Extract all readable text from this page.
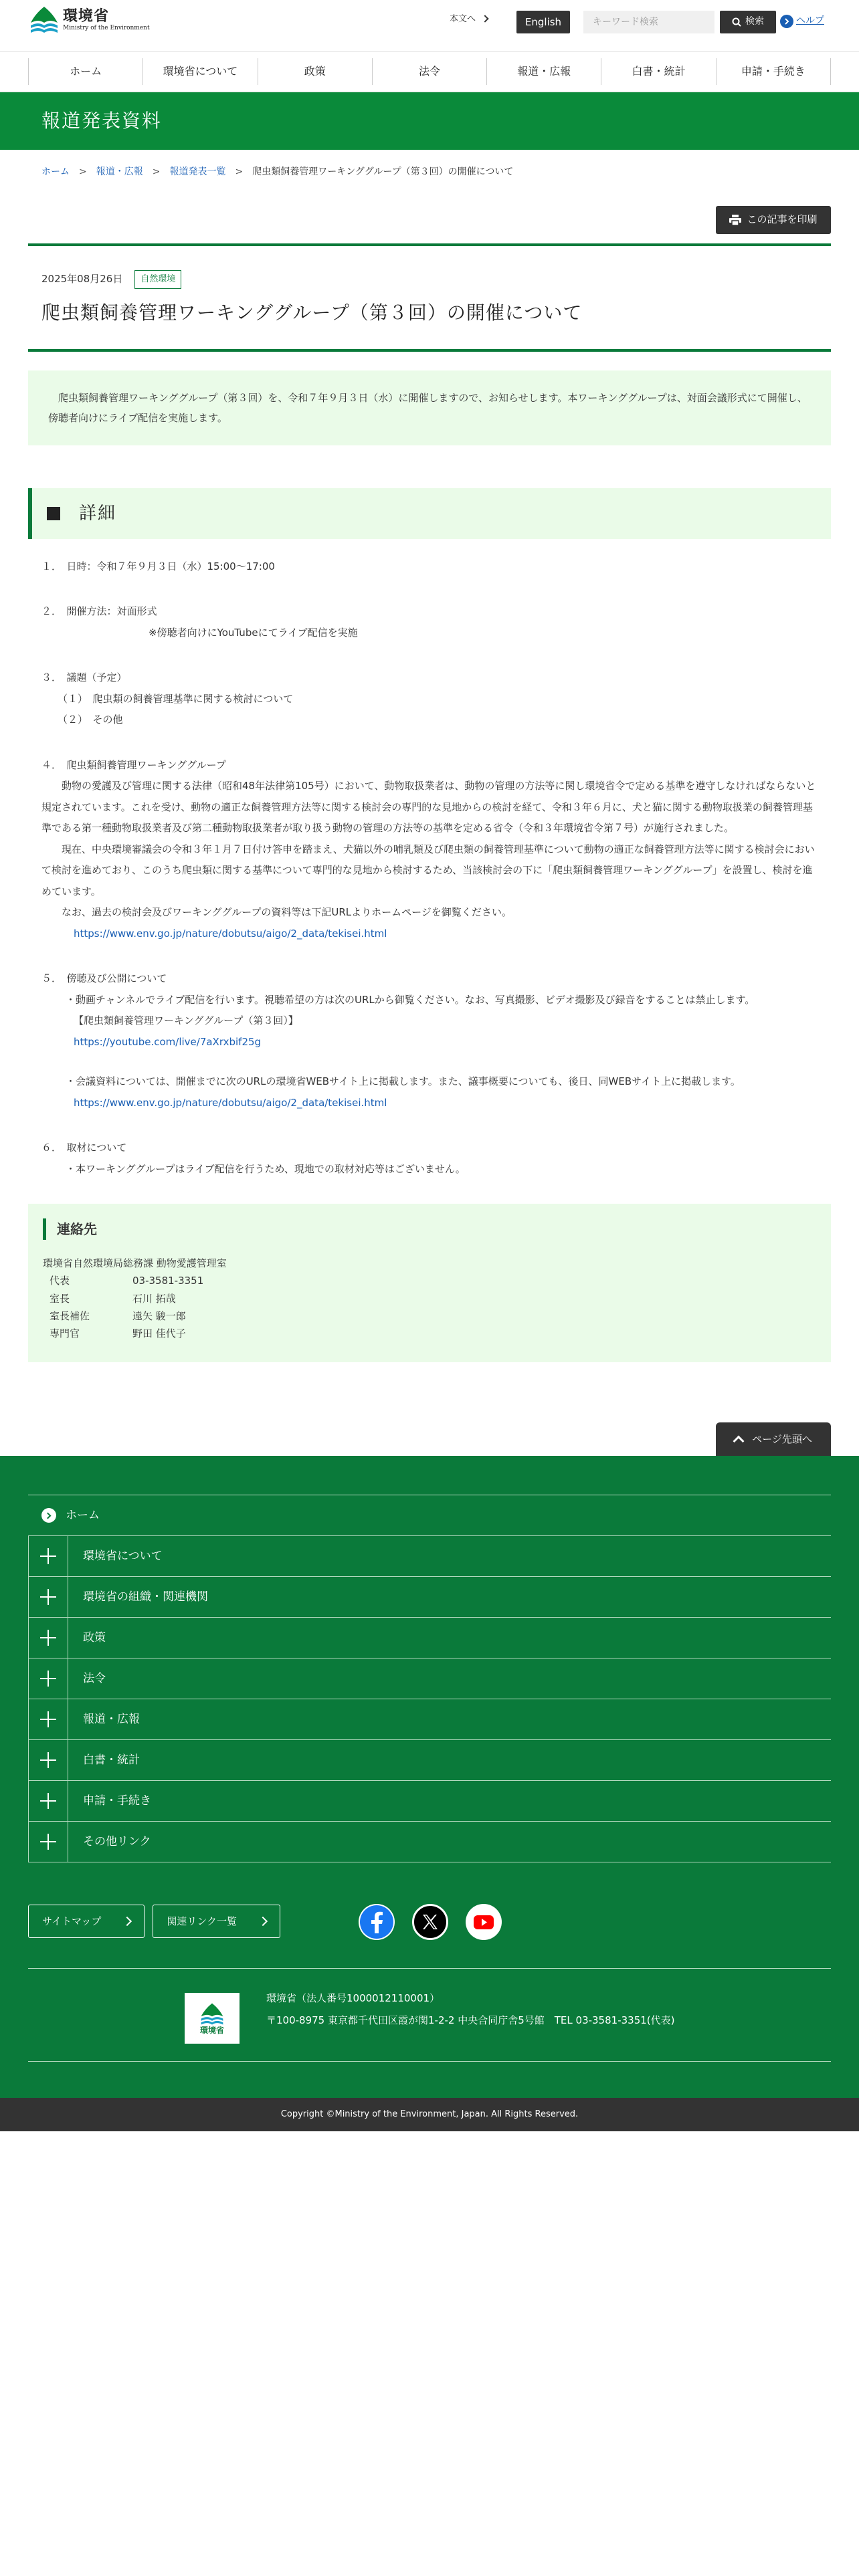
環境省
Ministry of the Environment
本文へ	English
キーワード検索	検索	ヘルプ
ホーム	環境省について	政策	法令	報道・広報	白書・統計	申請・手続き
報道発表資料
ホーム > 報道・広報 > 報道発表一覧 > 爬虫類飼養管理ワーキンググループ（第３回）の開催について
この記事を印刷
2025年08月26日	自然環境
爬虫類飼養管理ワーキンググループ（第３回）の開催について
　爬虫類飼養管理ワーキンググループ（第３回）を、令和７年９月３日（水）に開催しますので、お知らせします。本ワーキンググループは、対面会議形式にて開催し、傍聴者向けにライブ配信を実施します。
詳細

１．　日時：令和７年９月３日（水）15:00～17:00

２．　開催方法：対面形式

※傍聴者向けにYouTubeにてライブ配信を実施

３．　議題（予定）

（１）　爬虫類の飼養管理基準に関する検討について

（２）　その他

４．　爬虫類飼養管理ワーキンググループ

動物の愛護及び管理に関する法律（昭和48年法律第105号）において、動物取扱業者は、動物の管理の方法等に関し環境省令で定める基準を遵守しなければならないと規定されています。これを受け、動物の適正な飼養管理方法等に関する検討会の専門的な見地からの検討を経て、令和３年６月に、犬と猫に関する動物取扱業の飼養管理基準である第一種動物取扱業者及び第二種動物取扱業者が取り扱う動物の管理の方法等の基準を定める省令（令和３年環境省令第７号）が施行されました。

現在、中央環境審議会の令和３年１月７日付け答申を踏まえ、犬猫以外の哺乳類及び爬虫類の飼養管理基準について動物の適正な飼養管理方法等に関する検討会において検討を進めており、このうち爬虫類に関する基準について専門的な見地から検討するため、当該検討会の下に「爬虫類飼養管理ワーキンググループ」を設置し、検討を進めています。

なお、過去の検討会及びワーキンググループの資料等は下記URLよりホームページを御覧ください。

https://www.env.go.jp/nature/dobutsu/aigo/2_data/tekisei.html

５．　傍聴及び公開について

・動画チャンネルでライブ配信を行います。視聴希望の方は次のURLから御覧ください。なお、写真撮影、ビデオ撮影及び録音をすることは禁止します。

【爬虫類飼養管理ワーキンググループ（第３回）】

https://youtube.com/live/7aXrxbif25g

・会議資料については、開催までに次のURLの環境省WEBサイト上に掲載します。また、議事概要についても、後日、同WEBサイト上に掲載します。

https://www.env.go.jp/nature/dobutsu/aigo/2_data/tekisei.html

６．　取材について

・本ワーキンググループはライブ配信を行うため、現地での取材対応等はございません。

連絡先
環境省自然環境局総務課 動物愛護管理室
代表	03-3581-3351
室長	石川 拓哉
室長補佐	遠矢 駿一郎
専門官	野田 佳代子
ページ先頭へ
ホーム
環境省について
環境省の組織・関連機関
政策
法令
報道・広報
白書・統計
申請・手続き
その他リンク
サイトマップ	関連リンク一覧
環境省
環境省（法人番号1000012110001）
〒100-8975 東京都千代田区霞が関1-2-2 中央合同庁舎5号館　TEL 03-3581-3351(代表)
Copyright ©Ministry of the Environment, Japan. All Rights Reserved.
